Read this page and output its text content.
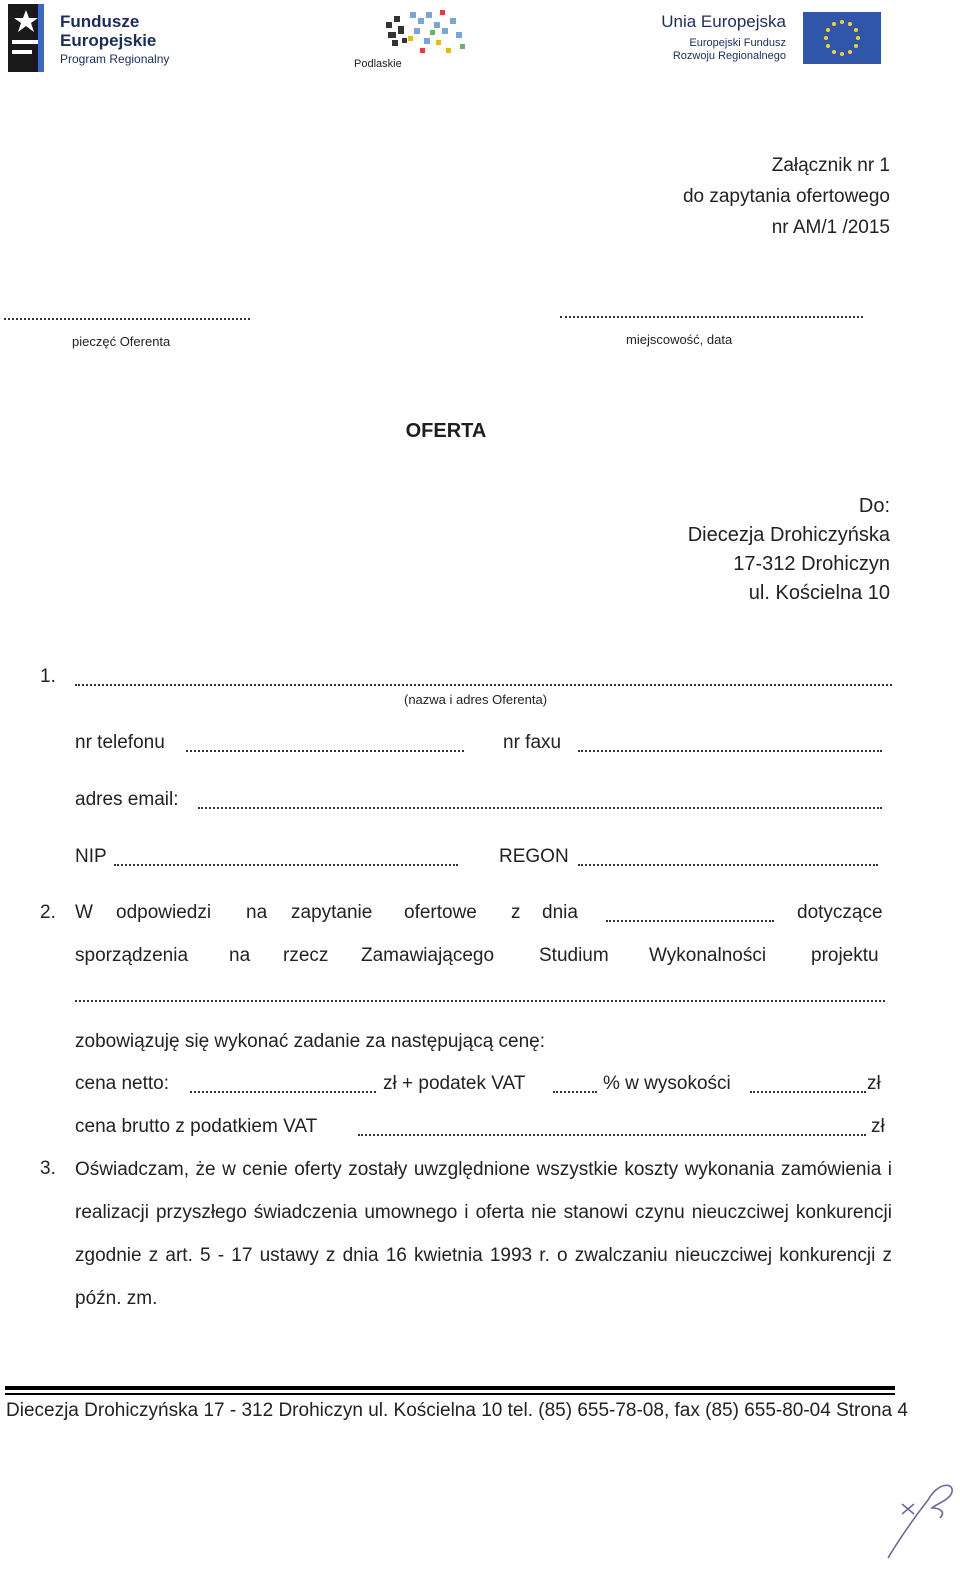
Fundusze
Europejskie
Program Regionalny	Podlaskie
Unia Europejska
Europejski Fundusz
Rozwoju Regionalnego
Załącznik nr 1
do zapytania ofertowego
nr AM/1 /2015
pieczęć Oferenta	miejscowość, data
OFERTA
Do:
Diecezja Drohiczyńska
17-312 Drohiczyn
ul. Kościelna 10
1.
(nazwa i adres Oferenta)
nr telefonu	nr faxu
adres email:
NIP	REGON
2. W odpowiedzi na zapytanie ofertowe z dnia	dotyczące
sporządzenia na rzecz Zamawiającego Studium Wykonalności projektu
zobowiązuję się wykonać zadanie za następującą cenę:
cena netto:	zł + podatek VAT	% w wysokości	zł
cena brutto z podatkiem VAT	zł
3. Oświadczam, że w cenie oferty zostały uwzględnione wszystkie koszty wykonania zamówienia i realizacji przyszłego świadczenia umownego i oferta nie stanowi czynu nieuczciwej konkurencji zgodnie z art. 5 - 17 ustawy z dnia 16 kwietnia 1993 r. o zwalczaniu nieuczciwej konkurencji z późn. zm.
Diecezja Drohiczyńska 17 - 312 Drohiczyn ul. Kościelna 10 tel. (85) 655-78-08, fax (85) 655-80-04 Strona 4
